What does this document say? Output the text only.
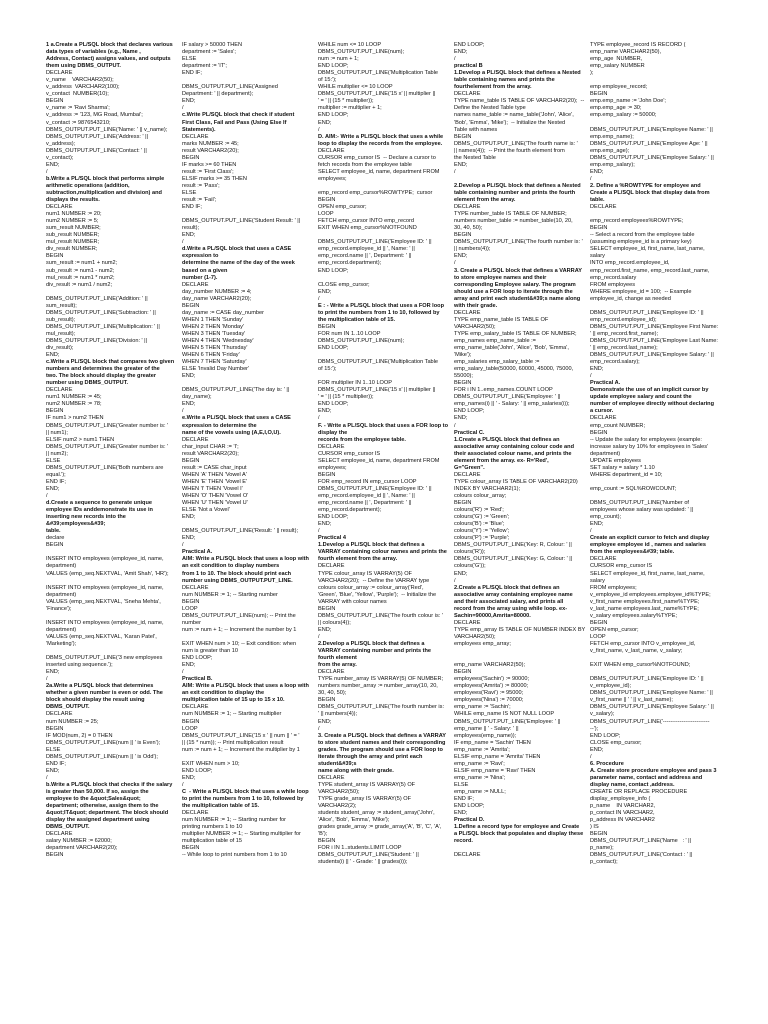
1 a.Create a PL/SQL block that declares various
data types of variables (e.g., Name ,
Address, Contact) assigns values, and outputs
them using DBMS_OUTPUT.
DECLARE
v_name    VARCHAR2(50);
v_address  VARCHAR2(100);
v_contact  NUMBER(10);
BEGIN
v_name := 'Ravi Sharma';
v_address := '123, MG Road, Mumbai';
v_contact := 9876543210;
DBMS_OUTPUT.PUT_LINE('Name: ' || v_name);
DBMS_OUTPUT.PUT_LINE('Address: ' ||
v_address);
DBMS_OUTPUT.PUT_LINE('Contact: ' ||
v_contact);
END;
/
b.Write a PL/SQL block that performs simple
arithmetic operations (addition,
subtraction,multiplication and division) and
displays the results.
DECLARE
num1 NUMBER := 20;
num2 NUMBER := 5;
sum_result NUMBER;
sub_result NUMBER;
mul_result NUMBER;
div_result NUMBER;
BEGIN
sum_result := num1 + num2;
sub_result := num1 - num2;
mul_result := num1 * num2;
div_result := num1 / num2;
DBMS_OUTPUT.PUT_LINE('Addition: ' ||
sum_result);
DBMS_OUTPUT.PUT_LINE('Subtraction: ' ||
sub_result);
DBMS_OUTPUT.PUT_LINE('Multiplication: ' ||
mul_result);
DBMS_OUTPUT.PUT_LINE('Division: ' ||
div_result);
END;
c.Write a PL/SQL block that compares two given
numbers and determines the greater of the
two. The block should display the greater
number using DBMS_OUTPUT.
DECLARE
num1 NUMBER := 45;
num2 NUMBER := 78;
BEGIN
IF num1 > num2 THEN
DBMS_OUTPUT.PUT_LINE('Greater number is: '
|| num1);
ELSIF num2 > num1 THEN
DBMS_OUTPUT.PUT_LINE('Greater number is: '
|| num2);
ELSE
DBMS_OUTPUT.PUT_LINE('Both numbers are
equal.');
END IF;
END;
/
d.Create a sequence to generate unique
employee IDs anddemonstrate its use in
inserting new records into the
&#39;employees&#39;
table.
declare
BEGIN
INSERT INTO employees (employee_id, name,
department)
VALUES (emp_seq.NEXTVAL, 'Amit Shah', 'HR');
INSERT INTO employees (employee_id, name,
department)
VALUES (emp_seq.NEXTVAL, 'Sneha Mehta',
'Finance');
INSERT INTO employees (employee_id, name,
department)
VALUES (emp_seq.NEXTVAL, 'Karan Patel',
'Marketing');
DBMS_OUTPUT.PUT_LINE('3 new employees
inserted using sequence.');
END;
/
2a.Write a PL/SQL block that determines
whether a given number is even or odd. The
block should display the result using
DBMS_OUTPUT.
DECLARE
num NUMBER := 25;
BEGIN
IF MOD(num, 2) = 0 THEN
DBMS_OUTPUT.PUT_LINE(num || ' is Even');
ELSE
DBMS_OUTPUT.PUT_LINE(num || ' is Odd');
END IF;
END;
/
b.Write a PL/SQL block that checks if the salary
is greater than 50,000. If so, assign the
employee to the &quot;Sales&quot;
department; otherwise, assign them to the
&quot;IT&quot; department. The block should
display the assigned department using
DBMS_OUTPUT.
DECLARE
salary NUMBER := 62000;
department VARCHAR2(20);
BEGIN
IF salary > 50000 THEN
department := 'Sales';
ELSE
department := 'IT';
END IF;
DBMS_OUTPUT.PUT_LINE('Assigned
Department: ' || department);
END;
/
c.Write PL/SQL block that check if student
First Class, Fail and Pass (Using Else If
Statements).
DECLARE
marks NUMBER := 45;
result VARCHAR2(20);
BEGIN
IF marks >= 60 THEN
result := 'First Class';
ELSIF marks >= 35 THEN
result := 'Pass';
ELSE
result := 'Fail';
END IF;
DBMS_OUTPUT.PUT_LINE('Student Result: ' ||
result);
END;
/
d.Write a PL/SQL block that uses a CASE
expression to
determine the name of the day of the week
based on a given
number (1-7).
DECLARE
day_number NUMBER := 4;
day_name VARCHAR2(20);
BEGIN
day_name := CASE day_number
WHEN 1 THEN 'Sunday'
WHEN 2 THEN 'Monday'
WHEN 3 THEN 'Tuesday'
WHEN 4 THEN 'Wednesday'
WHEN 5 THEN 'Thursday'
WHEN 6 THEN 'Friday'
WHEN 7 THEN 'Saturday'
ELSE 'Invalid Day Number'
END;
DBMS_OUTPUT.PUT_LINE('The day is: ' ||
day_name);
END;
/
e.Write a PL/SQL block that uses a CASE
expression to determine the
name of the vowels using (A,E,I,O,U).
DECLARE
char_input CHAR := 'I';
result VARCHAR2(20);
BEGIN
result := CASE char_input
WHEN 'A' THEN 'Vowel A'
WHEN 'E' THEN 'Vowel E'
WHEN 'I' THEN 'Vowel I'
WHEN 'O' THEN 'Vowel O'
WHEN 'U' THEN 'Vowel U'
ELSE 'Not a Vowel'
END;
DBMS_OUTPUT.PUT_LINE('Result: ' || result);
END;
/
Practical A.
AIM: Write a PL/SQL block that uses a loop with
an exit condition to display numbers
from 1 to 10. The block should print each
number using DBMS_OUTPUT.PUT_LINE.
DECLARE
num NUMBER := 1; -- Starting number
BEGIN
LOOP
DBMS_OUTPUT.PUT_LINE(num); -- Print the
number
num := num + 1; -- Increment the number by 1
EXIT WHEN num > 10; -- Exit condition: when
num is greater than 10
END LOOP;
END;
/
Practical B.
AIM: Write a PL/SQL block that uses a loop with
an exit condition to display the
multiplication table of 15 up to 15 x 10.
DECLARE
num NUMBER := 1; -- Starting multiplier
BEGIN
LOOP
DBMS_OUTPUT.PUT_LINE('15 x ' || num || ' = '
|| (15 * num)); -- Print multiplication result
num := num + 1; -- Increment the multiplier by 1
EXIT WHEN num > 10;
END LOOP;
END;
/
C  - Write a PL/SQL block that uses a while loop
to print the numbers from 1 to 10, followed by
the multiplication table of 15.
DECLARE
num NUMBER := 1; -- Starting number for
printing numbers 1 to 10
multiplier NUMBER := 1; -- Starting multiplier for
multiplication table of 15
BEGIN
-- While loop to print numbers from 1 to 10
WHILE num <= 10 LOOP
DBMS_OUTPUT.PUT_LINE(num);
num := num + 1;
END LOOP;
DBMS_OUTPUT.PUT_LINE('Multiplication Table
of 15:');
WHILE multiplier <= 10 LOOP
DBMS_OUTPUT.PUT_LINE('15 x' || multiplier ||
' = ' || (15 * multiplier));
multiplier := multiplier + 1;
END LOOP;
END;
/
D. AIM:- Write a PL/SQL block that uses a while
loop to display the records from the employee.
DECLARE
CURSOR emp_cursor IS  -- Declare a cursor to
fetch records from the employee table
SELECT employee_id, name, department FROM
employees;
emp_record emp_cursor%ROWTYPE;  cursor
BEGIN
OPEN emp_cursor;
LOOP
FETCH emp_cursor INTO emp_record
EXIT WHEN emp_cursor%NOTFOUND
DBMS_OUTPUT.PUT_LINE('Employee ID: ' ||
emp_record.employee_id || ', Name: ' ||
emp_record.name || ', Department: ' ||
emp_record.department);
END LOOP;
CLOSE emp_cursor;
END;
/
E : - Write a PL/SQL block that uses a FOR loop
to print the numbers from 1 to 10, followed by
the multiplication table of 15.
BEGIN
FOR num IN 1..10 LOOP
DBMS_OUTPUT.PUT_LINE(num);
END LOOP;
DBMS_OUTPUT.PUT_LINE('Multiplication Table
of 15:');
FOR multiplier IN 1..10 LOOP
DBMS_OUTPUT.PUT_LINE('15 x' || multiplier ||
' = ' || (15 * multiplier));
END LOOP;
END;
/
F. - Write a PL/SQL block that uses a FOR loop to
display the
records from the employee table.
DECLARE
CURSOR emp_cursor IS
SELECT employee_id, name, department FROM
employees;
BEGIN
FOR emp_record IN emp_cursor LOOP
DBMS_OUTPUT.PUT_LINE('Employee ID: ' ||
emp_record.employee_id || ', Name: ' ||
emp_record.name || ', Department: ' ||
emp_record.department);
END LOOP;
END;
/
Practical 4
1.Develop a PL/SQL block that defines a
VARRAY containing colour names and prints the
fourth element from the array.
DECLARE
TYPE colour_array IS VARRAY(5) OF
VARCHAR2(20);  -- Define the VARRAY type
colours colour_array := colour_array('Red',
'Green', 'Blue', 'Yellow', 'Purple');  -- Initialize the
VARRAY with colour names
BEGIN
DBMS_OUTPUT.PUT_LINE('The fourth colour is: '
|| colours(4));
END;
/
2.Develop a PL/SQL block that defines a
VARRAY containing number and prints the
fourth element
from the array.
DECLARE
TYPE number_array IS VARRAY(5) OF NUMBER;
numbers number_array := number_array(10, 20,
30, 40, 50);
BEGIN
DBMS_OUTPUT.PUT_LINE('The fourth number is:
' || numbers(4));
END;
/
3. Create a PL/SQL block that defines a VARRAY
to store student names and their corresponding
grades. The program should use a FOR loop to
iterate through the array and print each
student&#39;s
name along with their grade.
DECLARE
TYPE student_array IS VARRAY(5) OF
VARCHAR2(50);
TYPE grade_array IS VARRAY(5) OF
VARCHAR2(2);
students student_array := student_array('John',
'Alice', 'Bob', 'Emma', 'Mike');
grades grade_array := grade_array('A', 'B', 'C', 'A',
'B');
BEGIN
FOR i IN 1..students.LIMIT LOOP
DBMS_OUTPUT.PUT_LINE('Student: ' ||
students(i) || ' - Grade: ' || grades(i));
END LOOP;
END;
/
practical B
1.Develop a PL/SQL block that defines a Nested
table containing names and prints the
fourthelement from the array.
DECLARE
TYPE name_table IS TABLE OF VARCHAR2(20);  --
Define the Nested Table type
names name_table := name_table('John', 'Alice',
'Bob', 'Emma', 'Mike');  -- Initialize the Nested
Table with names
BEGIN
DBMS_OUTPUT.PUT_LINE('The fourth name is: '
|| names(4));  -- Print the fourth element from
the Nested Table
END;
/
2.Develop a PL/SQL block that defines a Nested
table containing number and prints the fourth
element from the array.
DECLARE
TYPE number_table IS TABLE OF NUMBER;
numbers number_table := number_table(10, 20,
30, 40, 50);
BEGIN
DBMS_OUTPUT.PUT_LINE('The fourth number is: '
|| numbers(4));
END;
/
3. Create a PL/SQL block that defines a VARRAY
to store employee names and their
corresponding Employee salary. The program
should use a FOR loop to iterate through the
array and print each student&#39;s name along
with their grade.
DECLARE
TYPE emp_name_table IS TABLE OF
VARCHAR2(50);
TYPE emp_salary_table IS TABLE OF NUMBER;
emp_names emp_name_table :=
emp_name_table('John', 'Alice', 'Bob', 'Emma',
'Mike');
emp_salaries emp_salary_table :=
emp_salary_table(50000, 60000, 45000, 75000,
55000);
BEGIN
FOR i IN 1..emp_names.COUNT LOOP
DBMS_OUTPUT.PUT_LINE('Employee: ' ||
emp_names(i) || ' - Salary: ' || emp_salaries(i));
END LOOP;
END;
/
Practical C.
1.Create a PL/SQL block that defines an
associative array containing colour code and
their associated colour name, and prints the
element from the array. ex- R='Red',
G="Green".
DECLARE
TYPE colour_array IS TABLE OF VARCHAR2(20)
INDEX BY VARCHAR2(1);
colours colour_array;
BEGIN
colours('R') := 'Red';
colours('G') := 'Green';
colours('B') := 'Blue';
colours('Y') := 'Yellow';
colours('P') := 'Purple';
DBMS_OUTPUT.PUT_LINE('Key: R, Colour: ' ||
colours('R'));
DBMS_OUTPUT.PUT_LINE('Key: G, Colour: ' ||
colours('G'));
END;
/
2.Create a PL/SQL block that defines an
associative array containing employee name
and their associated salary, and prints all
record from the array using while loop. ex-
Sachin=90000,Amrita=80000.
DECLARE
TYPE emp_array IS TABLE OF NUMBER INDEX BY
VARCHAR2(50);
employees emp_array;
emp_name VARCHAR2(50);
BEGIN
employees('Sachin') := 90000;
employees('Amrita') := 80000;
employees('Ravi') := 95000;
employees('Nina') := 70000;
emp_name := 'Sachin';
WHILE emp_name IS NOT NULL LOOP
DBMS_OUTPUT.PUT_LINE('Employee: ' ||
emp_name || ' - Salary: ' ||
employees(emp_name));
IF emp_name = 'Sachin' THEN
emp_name := 'Amrita';
ELSIF emp_name = 'Amrita' THEN
emp_name := 'Ravi';
ELSIF emp_name = 'Ravi' THEN
emp_name := 'Nina';
ELSE
emp_name := NULL;
END IF;
END LOOP;
END;
Practical D.
1.Define a record type for employee and Create
a PL/SQL block that populates and display these
record.
DECLARE
TYPE employee_record IS RECORD (
emp_name VARCHAR2(50),
emp_age  NUMBER,
emp_salary NUMBER
);
emp employee_record;
BEGIN
emp.emp_name := 'John Doe';
emp.emp_age := 30;
emp.emp_salary := 50000;
DBMS_OUTPUT.PUT_LINE('Employee Name: ' ||
emp.emp_name);
DBMS_OUTPUT.PUT_LINE('Employee Age: ' ||
emp.emp_age);
DBMS_OUTPUT.PUT_LINE('Employee Salary: ' ||
emp.emp_salary);
END;
/
2. Define a %ROWTYPE for employee and
Create a PL/SQL block that display data from
table.
DECLARE
emp_record employees%ROWTYPE;
BEGIN
-- Select a record from the employee table
(assuming employee_id is a primary key)
SELECT employee_id, first_name, last_name,
salary
INTO emp_record.employee_id,
emp_record.first_name, emp_record.last_name,
emp_record.salary
FROM employees
WHERE employee_id = 100;  -- Example
employee_id, change as needed
DBMS_OUTPUT.PUT_LINE('Employee ID: ' ||
emp_record.employee_id);
DBMS_OUTPUT.PUT_LINE('Employee First Name:
' || emp_record.first_name);
DBMS_OUTPUT.PUT_LINE('Employee Last Name:
' || emp_record.last_name);
DBMS_OUTPUT.PUT_LINE('Employee Salary: ' ||
emp_record.salary);
END;
/
Practical A.
Demonstrate the use of an implicit cursor by
update employee salary and count the
number of employee directly without declaring
a cursor.
DECLARE
emp_count NUMBER;
BEGIN
-- Update the salary for employees (example:
increase salary by 10% for employees in 'Sales'
department)
UPDATE employees
SET salary = salary * 1.10
WHERE department_id = 10;
emp_count := SQL%ROWCOUNT;
DBMS_OUTPUT.PUT_LINE('Number of
employees whose salary was updated: ' ||
emp_count);
END;
/
Create an explicit cursor to fetch and display
employee employee id , names and salaries
from the employees&#39; table.
DECLARE
CURSOR emp_cursor IS
SELECT employee_id, first_name, last_name,
salary
FROM employees;
v_employee_id employees.employee_id%TYPE;
v_first_name employees.first_name%TYPE;
v_last_name employees.last_name%TYPE;
v_salary employees.salary%TYPE;
BEGIN
OPEN emp_cursor;
LOOP
FETCH emp_cursor INTO v_employee_id,
v_first_name, v_last_name, v_salary;
EXIT WHEN emp_cursor%NOTFOUND;
DBMS_OUTPUT.PUT_LINE('Employee ID: ' ||
v_employee_id);
DBMS_OUTPUT.PUT_LINE('Employee Name: ' ||
v_first_name || ' ' || v_last_name);
DBMS_OUTPUT.PUT_LINE('Employee Salary: ' ||
v_salary);
DBMS_OUTPUT.PUT_LINE('-------------------------
--');
END LOOP;
CLOSE emp_cursor;
END;
/
6. Procedure
A. Create store procedure employee and pass 3
parameter name, contact and address and
display name, contact ,address.
CREATE OR REPLACE PROCEDURE
display_employee_info (
p_name    IN VARCHAR2,
p_contact IN VARCHAR2,
p_address IN VARCHAR2
) IS
BEGIN
DBMS_OUTPUT.PUT_LINE('Name   : ' ||
p_name);
DBMS_OUTPUT.PUT_LINE('Contact : ' ||
p_contact);
